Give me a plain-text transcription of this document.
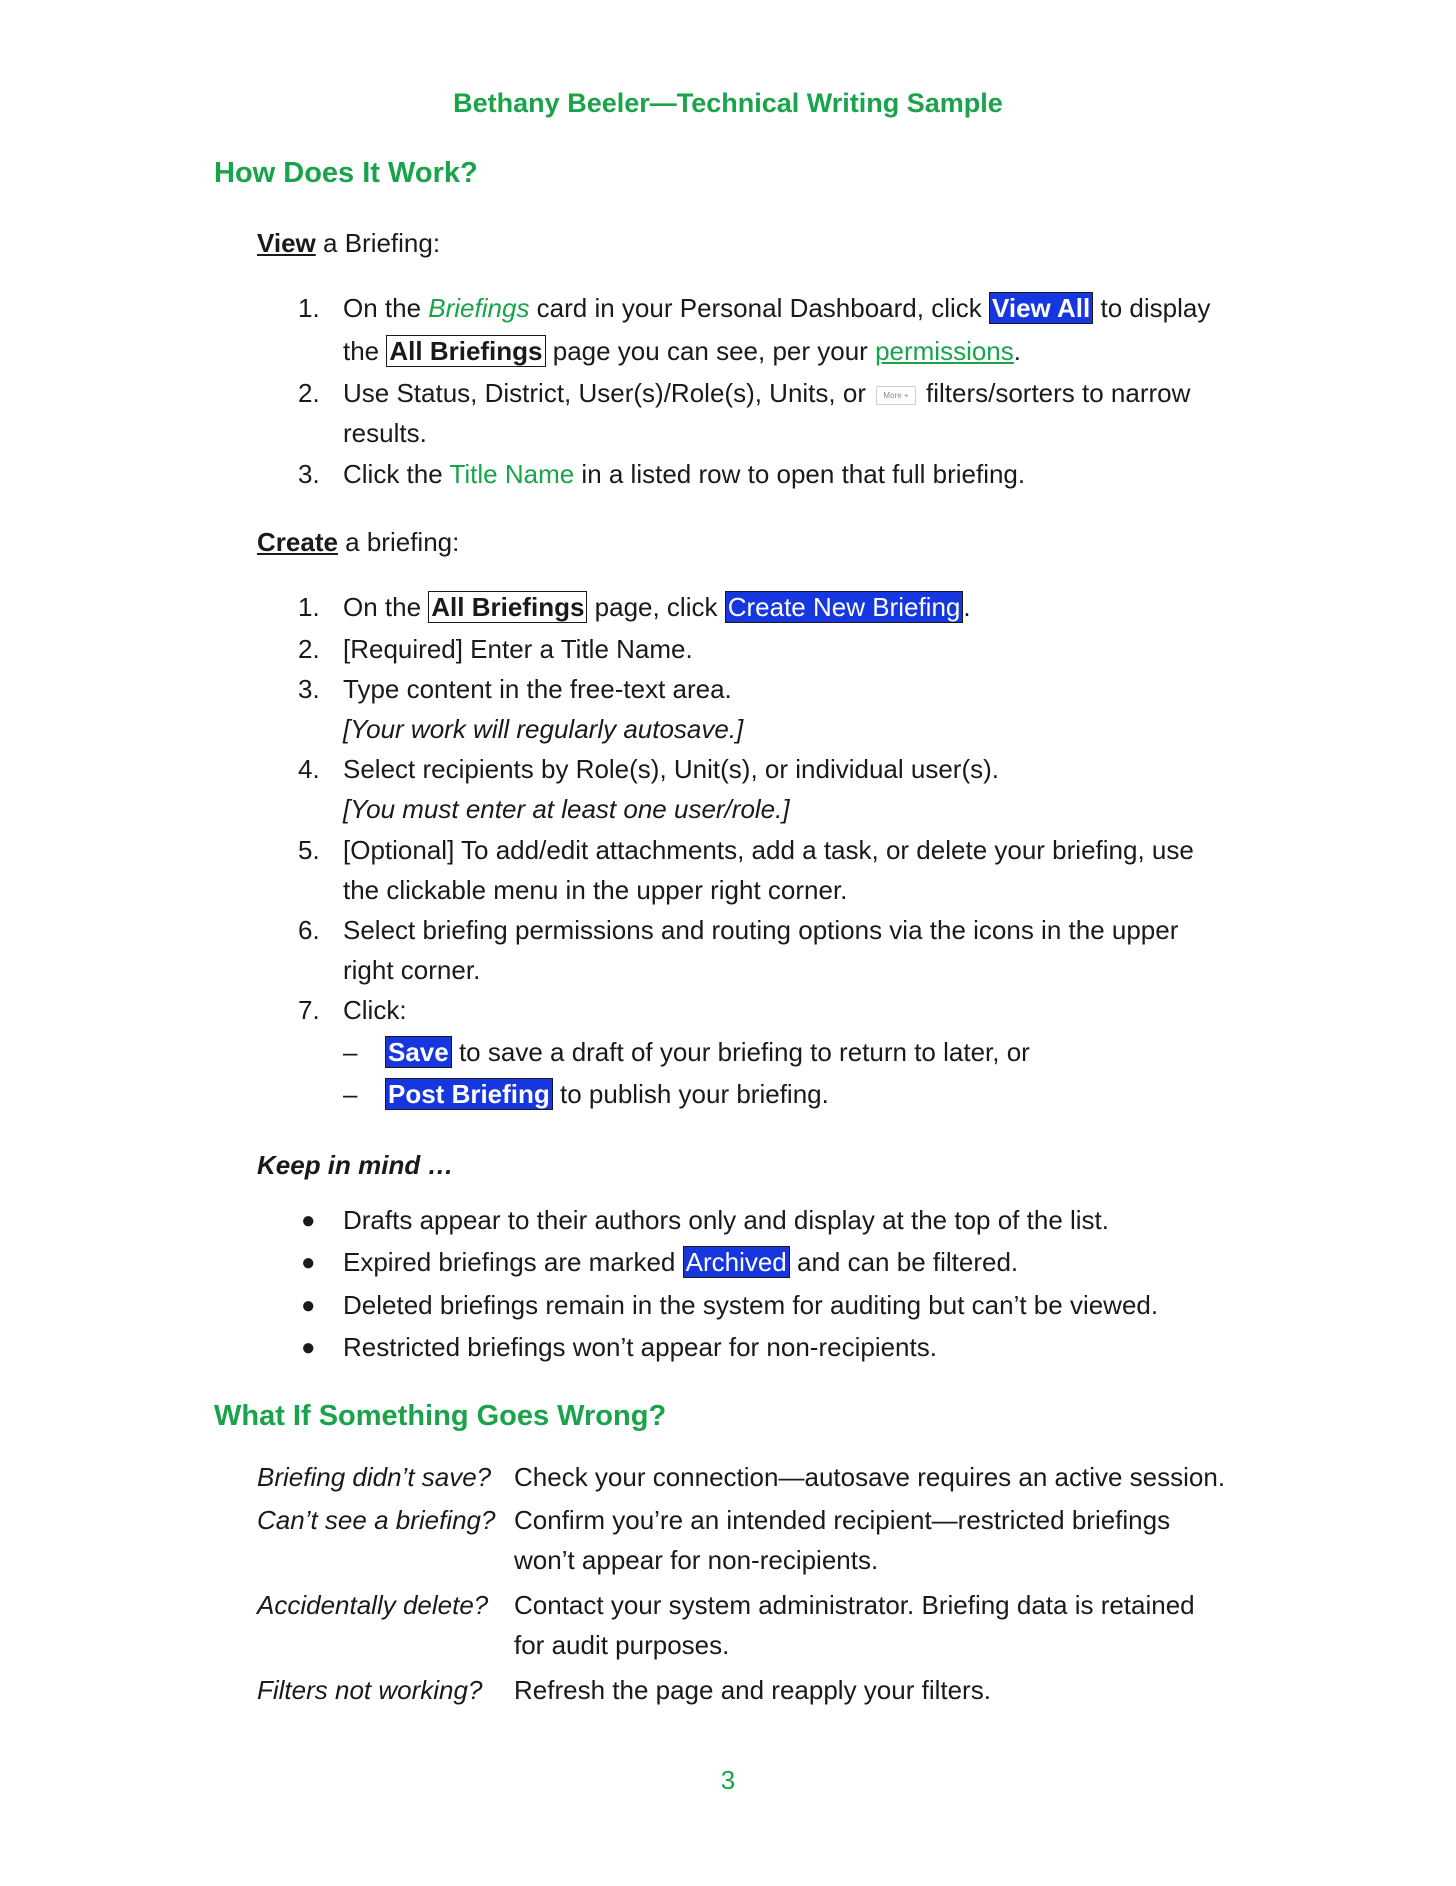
Bethany Beeler—Technical Writing Sample
How Does It Work?
View a Briefing:
1. On the Briefings card in your Personal Dashboard, click View All to display
the All Briefings page you can see, per your permissions.
2. Use Status, District, User(s)/Role(s), Units, or More + filters/sorters to narrow
results.
3. Click the Title Name in a listed row to open that full briefing.
Create a briefing:
1. On the All Briefings page, click Create New Briefing .
2. [Required] Enter a Title Name.
3. Type content in the free-text area.
[Your work will regularly autosave.]
4. Select recipients by Role(s), Unit(s), or individual user(s).
[You must enter at least one user/role.]
5. [Optional] To add/edit attachments, add a task, or delete your briefing, use
the clickable menu in the upper right corner.
6. Select briefing permissions and routing options via the icons in the upper
right corner.
7. Click:
– Save to save a draft of your briefing to return to later, or
– Post Briefing to publish your briefing.
Keep in mind …
● Drafts appear to their authors only and display at the top of the list.
● Expired briefings are marked Archived and can be filtered.
● Deleted briefings remain in the system for auditing but can’t be viewed.
● Restricted briefings won’t appear for non-recipients.
What If Something Goes Wrong?
Briefing didn’t save? Check your connection—autosave requires an active session.
Can’t see a briefing? Confirm you’re an intended recipient—restricted briefings
won’t appear for non-recipients.
Accidentally delete? Contact your system administrator. Briefing data is retained
for audit purposes.
Filters not working? Refresh the page and reapply your filters.
3
